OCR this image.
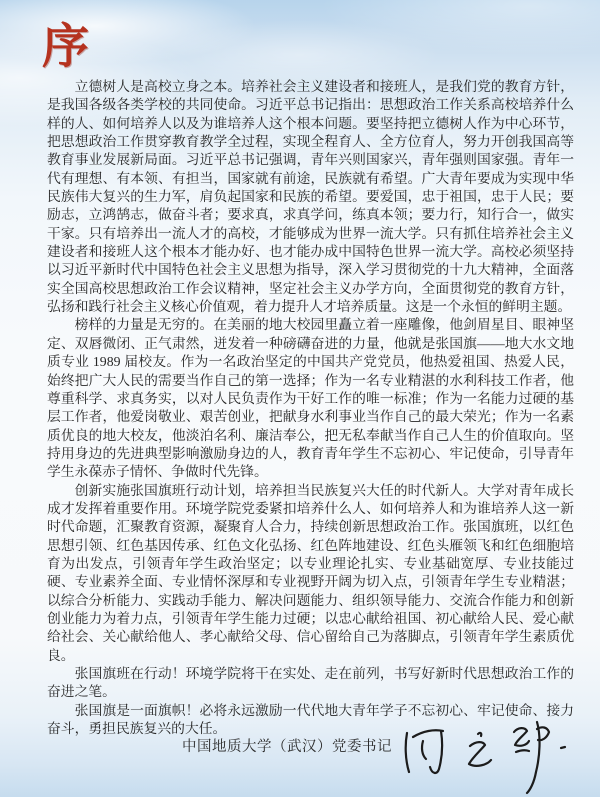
序

立德树人是高校立身之本。培养社会主义建设者和接班人，是我们党的教育方针，是我国各级各类学校的共同使命。习近平总书记指出：思想政治工作关系高校培养什么样的人、如何培养人以及为谁培养人这个根本问题。要坚持把立德树人作为中心环节，把思想政治工作贯穿教育教学全过程，实现全程育人、全方位育人，努力开创我国高等教育事业发展新局面。习近平总书记强调，青年兴则国家兴，青年强则国家强。青年一代有理想、有本领、有担当，国家就有前途，民族就有希望。广大青年要成为实现中华民族伟大复兴的生力军，肩负起国家和民族的希望。要爱国，忠于祖国，忠于人民；要励志，立鸿鹄志，做奋斗者；要求真，求真学问，练真本领；要力行，知行合一，做实干家。只有培养出一流人才的高校，才能够成为世界一流大学。只有抓住培养社会主义建设者和接班人这个根本才能办好、也才能办成中国特色世界一流大学。高校必须坚持以习近平新时代中国特色社会主义思想为指导，深入学习贯彻党的十九大精神，全面落实全国高校思想政治工作会议精神，坚定社会主义办学方向，全面贯彻党的教育方针，弘扬和践行社会主义核心价值观，着力提升人才培养质量。这是一个永恒的鲜明主题。

榜样的力量是无穷的。在美丽的地大校园里矗立着一座雕像，他剑眉星目、眼神坚定、双唇微闭、正气肃然，迸发着一种磅礴奋进的力量，他就是张国旗——地大水文地质专业 1989 届校友。作为一名政治坚定的中国共产党党员，他热爱祖国、热爱人民，始终把广大人民的需要当作自己的第一选择；作为一名专业精湛的水利科技工作者，他尊重科学、求真务实，以对人民负责作为干好工作的唯一标准；作为一名能力过硬的基层工作者，他爱岗敬业、艰苦创业，把献身水利事业当作自己的最大荣光；作为一名素质优良的地大校友，他淡泊名利、廉洁奉公，把无私奉献当作自己人生的价值取向。坚持用身边的先进典型影响激励身边的人，教育青年学生不忘初心、牢记使命，引导青年学生永葆赤子情怀、争做时代先锋。

创新实施张国旗班行动计划，培养担当民族复兴大任的时代新人。大学对青年成长成才发挥着重要作用。环境学院党委紧扣培养什么人、如何培养人和为谁培养人这一新时代命题，汇聚教育资源，凝聚育人合力，持续创新思想政治工作。张国旗班，以红色思想引领、红色基因传承、红色文化弘扬、红色阵地建设、红色头雁领飞和红色细胞培育为出发点，引领青年学生政治坚定；以专业理论扎实、专业基础宽厚、专业技能过硬、专业素养全面、专业情怀深厚和专业视野开阔为切入点，引领青年学生专业精湛；以综合分析能力、实践动手能力、解决问题能力、组织领导能力、交流合作能力和创新创业能力为着力点，引领青年学生能力过硬；以忠心献给祖国、初心献给人民、爱心献给社会、关心献给他人、孝心献给父母、信心留给自己为落脚点，引领青年学生素质优良。

张国旗班在行动！环境学院将干在实处、走在前列，书写好新时代思想政治工作的奋进之笔。

张国旗是一面旗帜！必将永远激励一代代地大青年学子不忘初心、牢记使命、接力奋斗，勇担民族复兴的大任。

中国地质大学（武汉）党委书记
